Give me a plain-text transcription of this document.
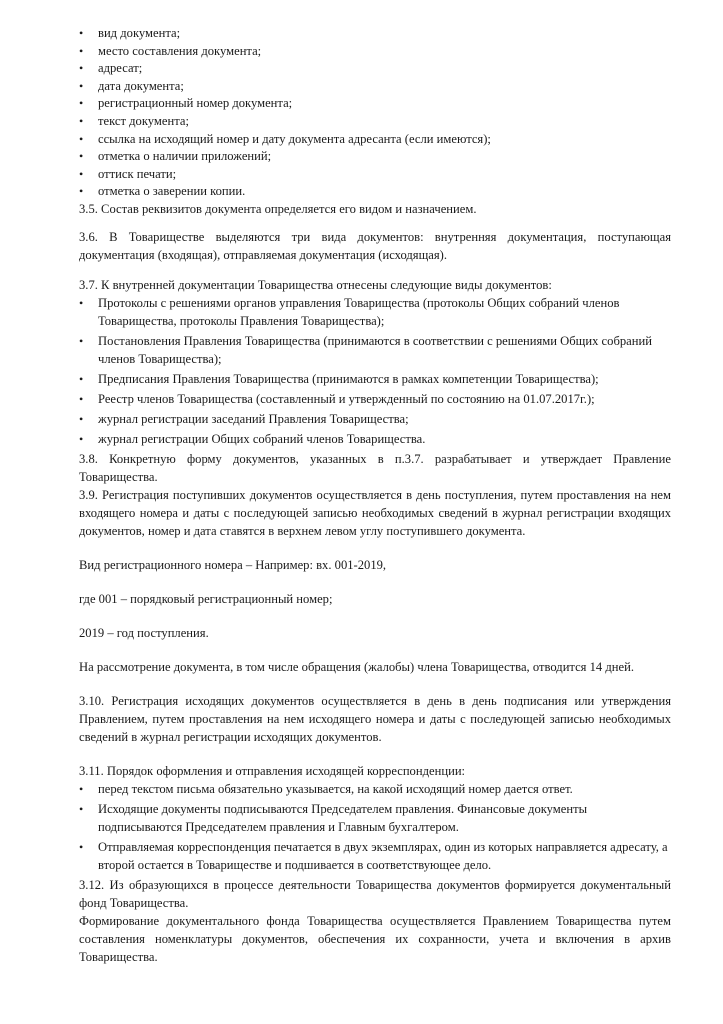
• вид документа;
• место составления документа;
• адресат;
• дата документа;
• регистрационный номер документа;
• текст документа;
• ссылка на исходящий номер и дату документа адресанта (если имеются);
• отметка о наличии приложений;
• оттиск печати;
• отметка о заверении копии.

3.5. Состав реквизитов документа определяется его видом и назначением.

3.6. В Товариществе выделяются три вида документов: внутренняя документация, поступающая документация (входящая), отправляемая документация (исходящая).

3.7. К внутренней документации Товарищества отнесены следующие виды документов:

• Протоколы с решениями органов управления Товарищества (протоколы Общих собраний членов Товарищества, протоколы Правления Товарищества);
• Постановления Правления Товарищества (принимаются в соответствии с решениями Общих собраний членов Товарищества);
• Предписания Правления Товарищества (принимаются в рамках компетенции Товарищества);
• Реестр членов Товарищества (составленный и утвержденный по состоянию на 01.07.2017г.);
• журнал регистрации заседаний Правления Товарищества;
• журнал регистрации Общих собраний членов Товарищества.

3.8. Конкретную форму документов, указанных в п.3.7. разрабатывает и утверждает Правление Товарищества.

3.9. Регистрация поступивших документов осуществляется в день поступления, путем проставления на нем входящего номера и даты с последующей записью необходимых сведений в журнал регистрации входящих документов, номер и дата ставятся в верхнем левом углу поступившего документа.

Вид регистрационного номера – Например: вх. 001-2019,

где 001 – порядковый регистрационный номер;

2019 – год поступления.

На рассмотрение документа, в том числе обращения (жалобы) члена Товарищества, отводится 14 дней.

3.10. Регистрация исходящих документов осуществляется в день в день подписания или утверждения Правлением, путем проставления на нем исходящего номера и даты с последующей записью необходимых сведений в журнал регистрации исходящих документов.

3.11. Порядок оформления и отправления исходящей корреспонденции:

• перед текстом письма обязательно указывается, на какой исходящий номер дается ответ.
• Исходящие документы подписываются Председателем правления. Финансовые документы подписываются Председателем правления и Главным бухгалтером.
• Отправляемая корреспонденция печатается в двух экземплярах, один из которых направляется адресату, а второй остается в Товариществе и подшивается в соответствующее дело.

3.12. Из образующихся в процессе деятельности Товарищества документов формируется документальный фонд Товарищества.

Формирование документального фонда Товарищества осуществляется Правлением Товарищества путем составления номенклатуры документов, обеспечения их сохранности, учета и включения в архив Товарищества.
